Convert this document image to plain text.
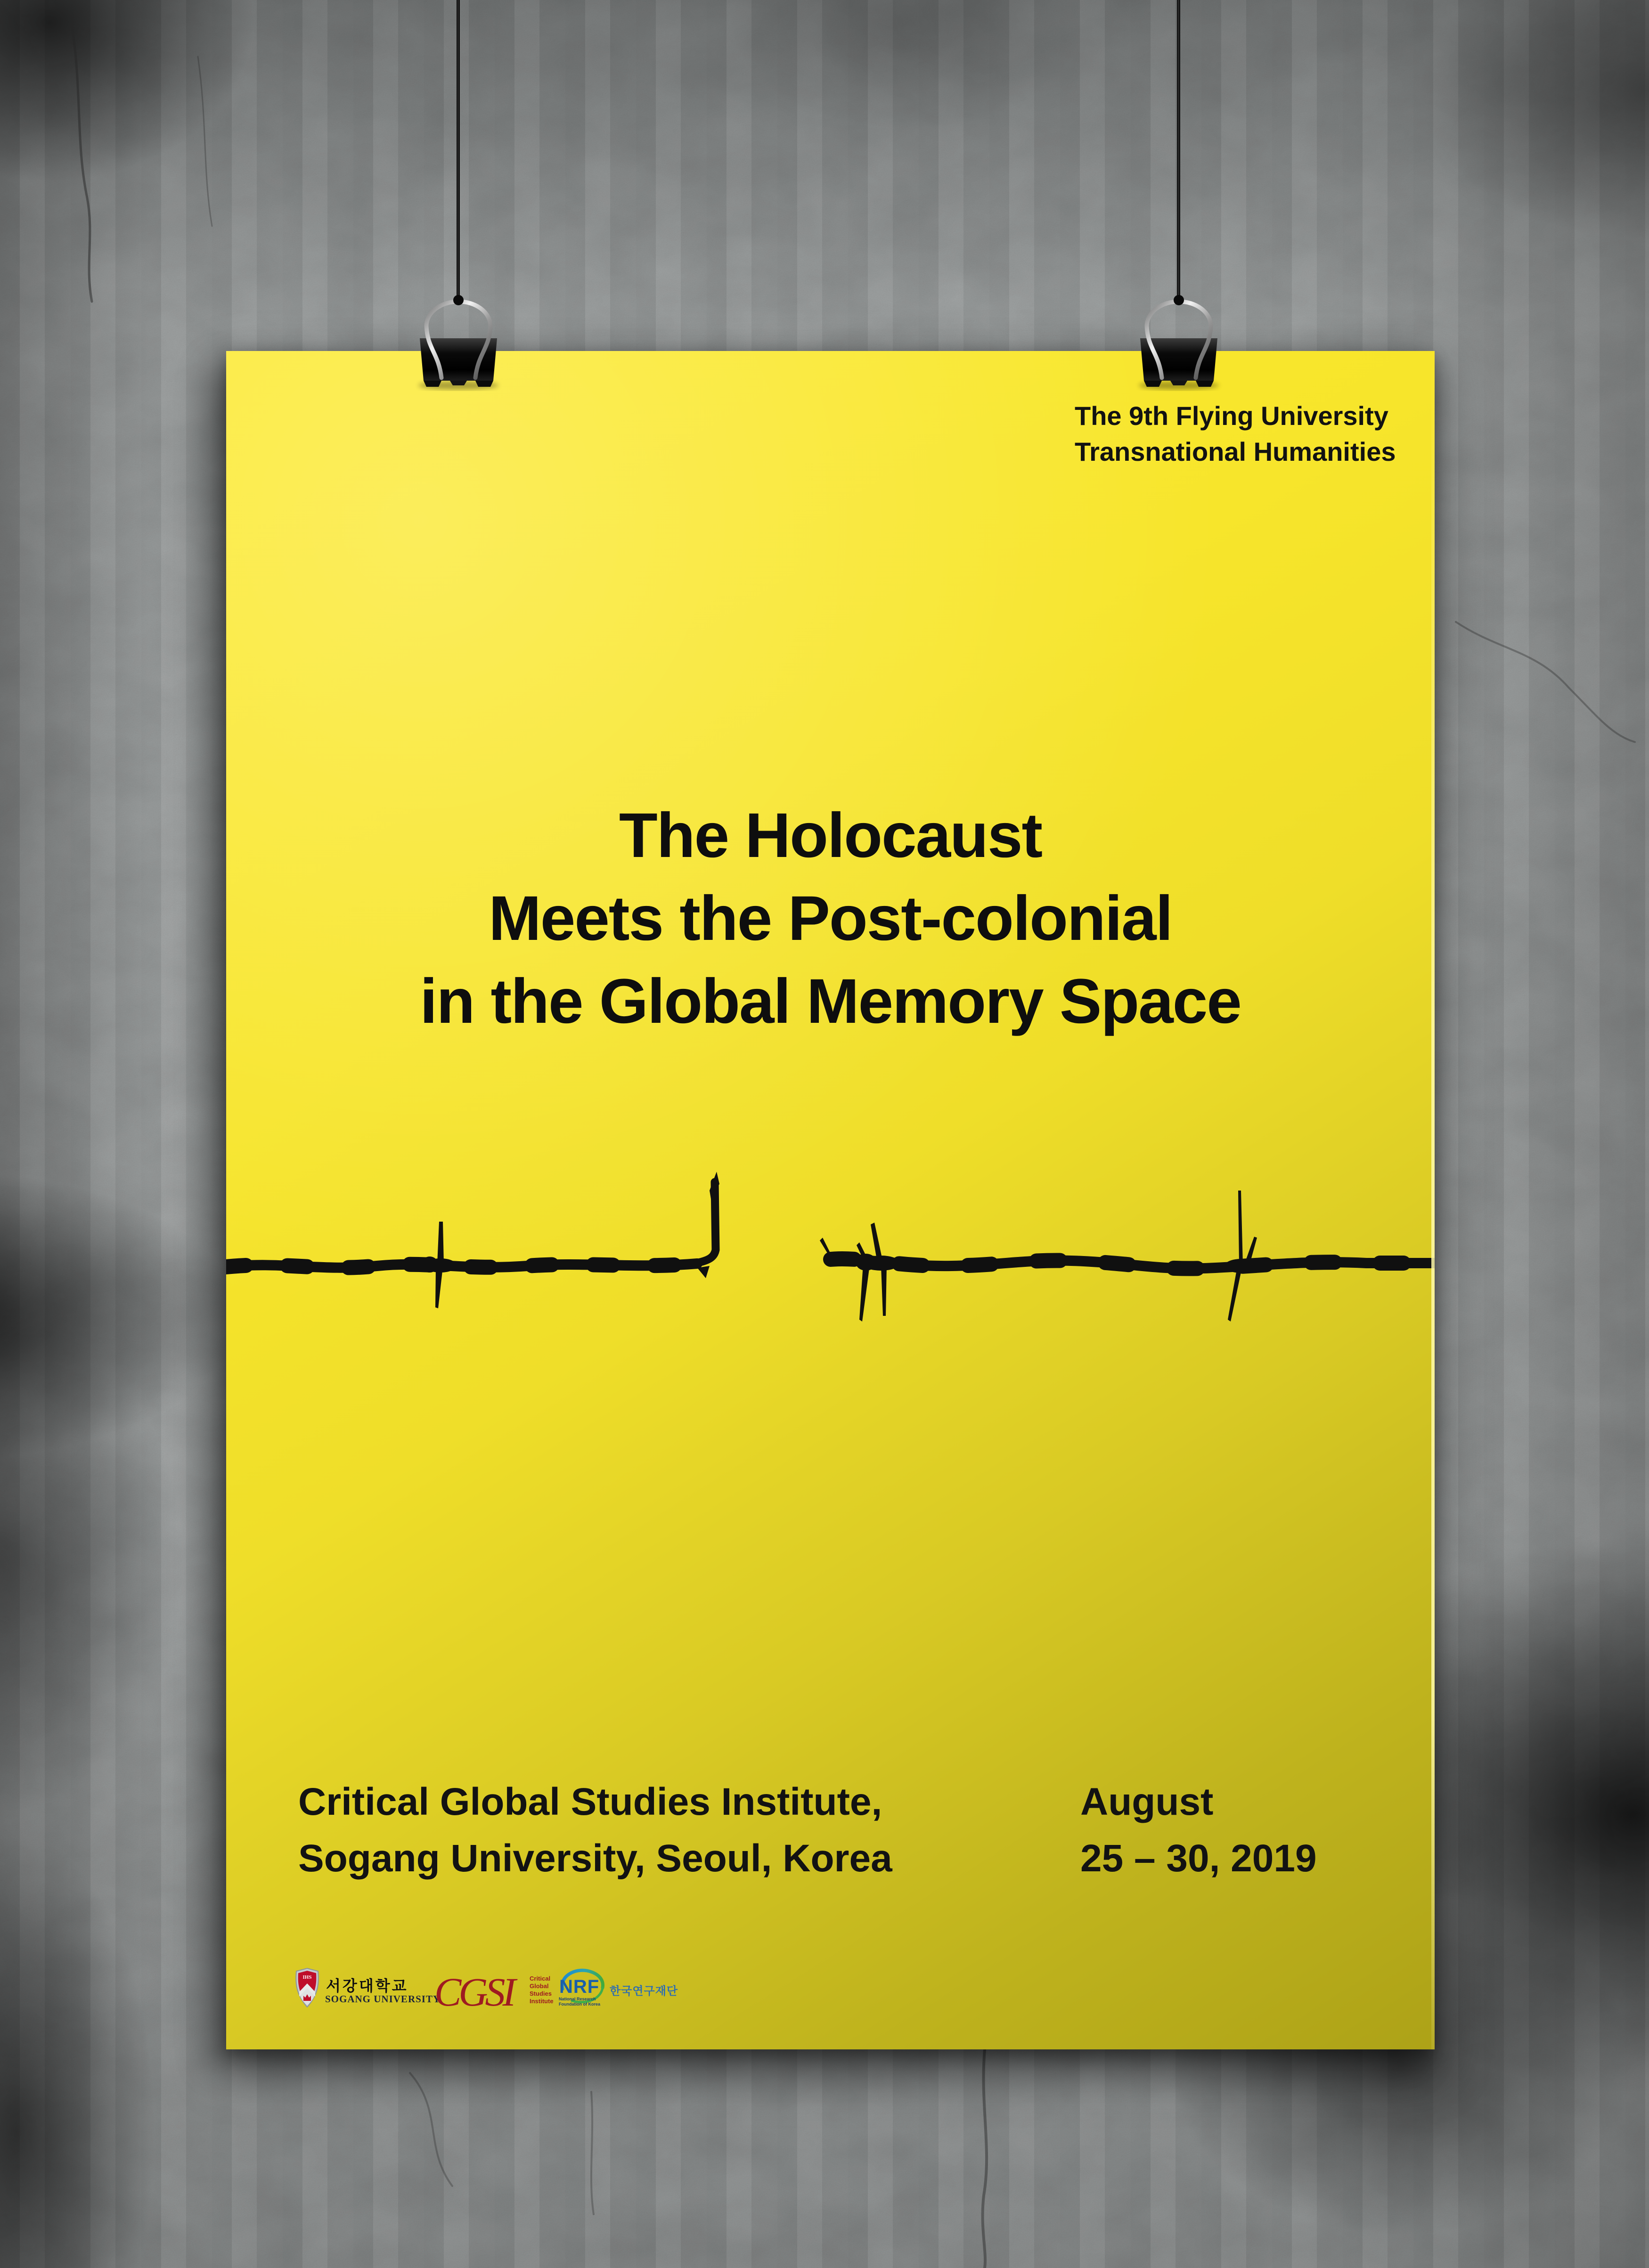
The 9th Flying University
Transnational Humanities
The Holocaust
Meets the Post-colonial
in the Global Memory Space
Critical Global Studies Institute,
Sogang University, Seoul, Korea
August
25 – 30, 2019
IHS 서강대학교
SOGANG UNIVERSITY
CGSI	Critical
Global
Studies
Institute
NRF
National Research
Foundation of Korea
한국연구재단
